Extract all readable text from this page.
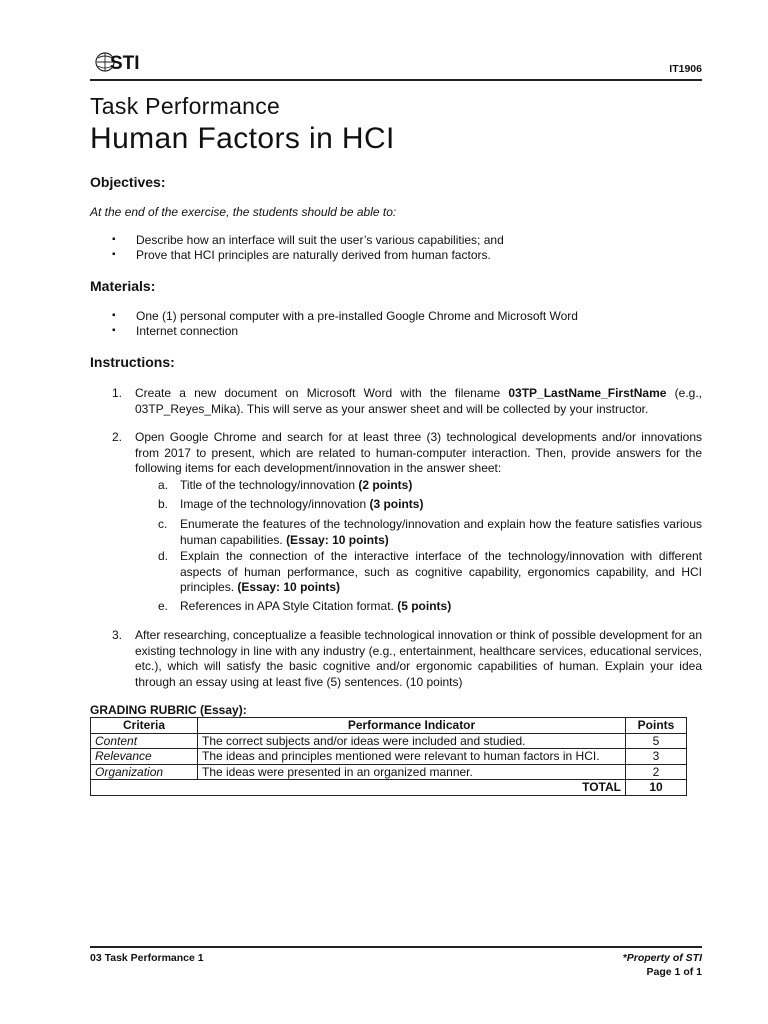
STI	IT1906
Task Performance
Human Factors in HCI
Objectives:
At the end of the exercise, the students should be able to:
▪ Describe how an interface will suit the user’s various capabilities; and
▪ Prove that HCI principles are naturally derived from human factors.
Materials:
▪ One (1) personal computer with a pre-installed Google Chrome and Microsoft Word
▪ Internet connection
Instructions:
1. Create a new document on Microsoft Word with the filename 03TP_LastName_FirstName (e.g., 03TP_Reyes_Mika). This will serve as your answer sheet and will be collected by your instructor.
2. Open Google Chrome and search for at least three (3) technological developments and/or innovations from 2017 to present, which are related to human-computer interaction. Then, provide answers for the following items for each development/innovation in the answer sheet:
a. Title of the technology/innovation (2 points)
b. Image of the technology/innovation (3 points)
c. Enumerate the features of the technology/innovation and explain how the feature satisfies various human capabilities. (Essay: 10 points)
d. Explain the connection of the interactive interface of the technology/innovation with different aspects of human performance, such as cognitive capability, ergonomics capability, and HCI principles. (Essay: 10 points)
e. References in APA Style Citation format. (5 points)
3. After researching, conceptualize a feasible technological innovation or think of possible development for an existing technology in line with any industry (e.g., entertainment, healthcare services, educational services, etc.), which will satisfy the basic cognitive and/or ergonomic capabilities of human. Explain your idea through an essay using at least five (5) sentences. (10 points)
GRADING RUBRIC (Essay):
Criteria	Performance Indicator	Points
Content	The correct subjects and/or ideas were included and studied.	5
Relevance	The ideas and principles mentioned were relevant to human factors in HCI.	3
Organization	The ideas were presented in an organized manner.	2
TOTAL		10
03 Task Performance 1	*Property of STI
Page 1 of 1
